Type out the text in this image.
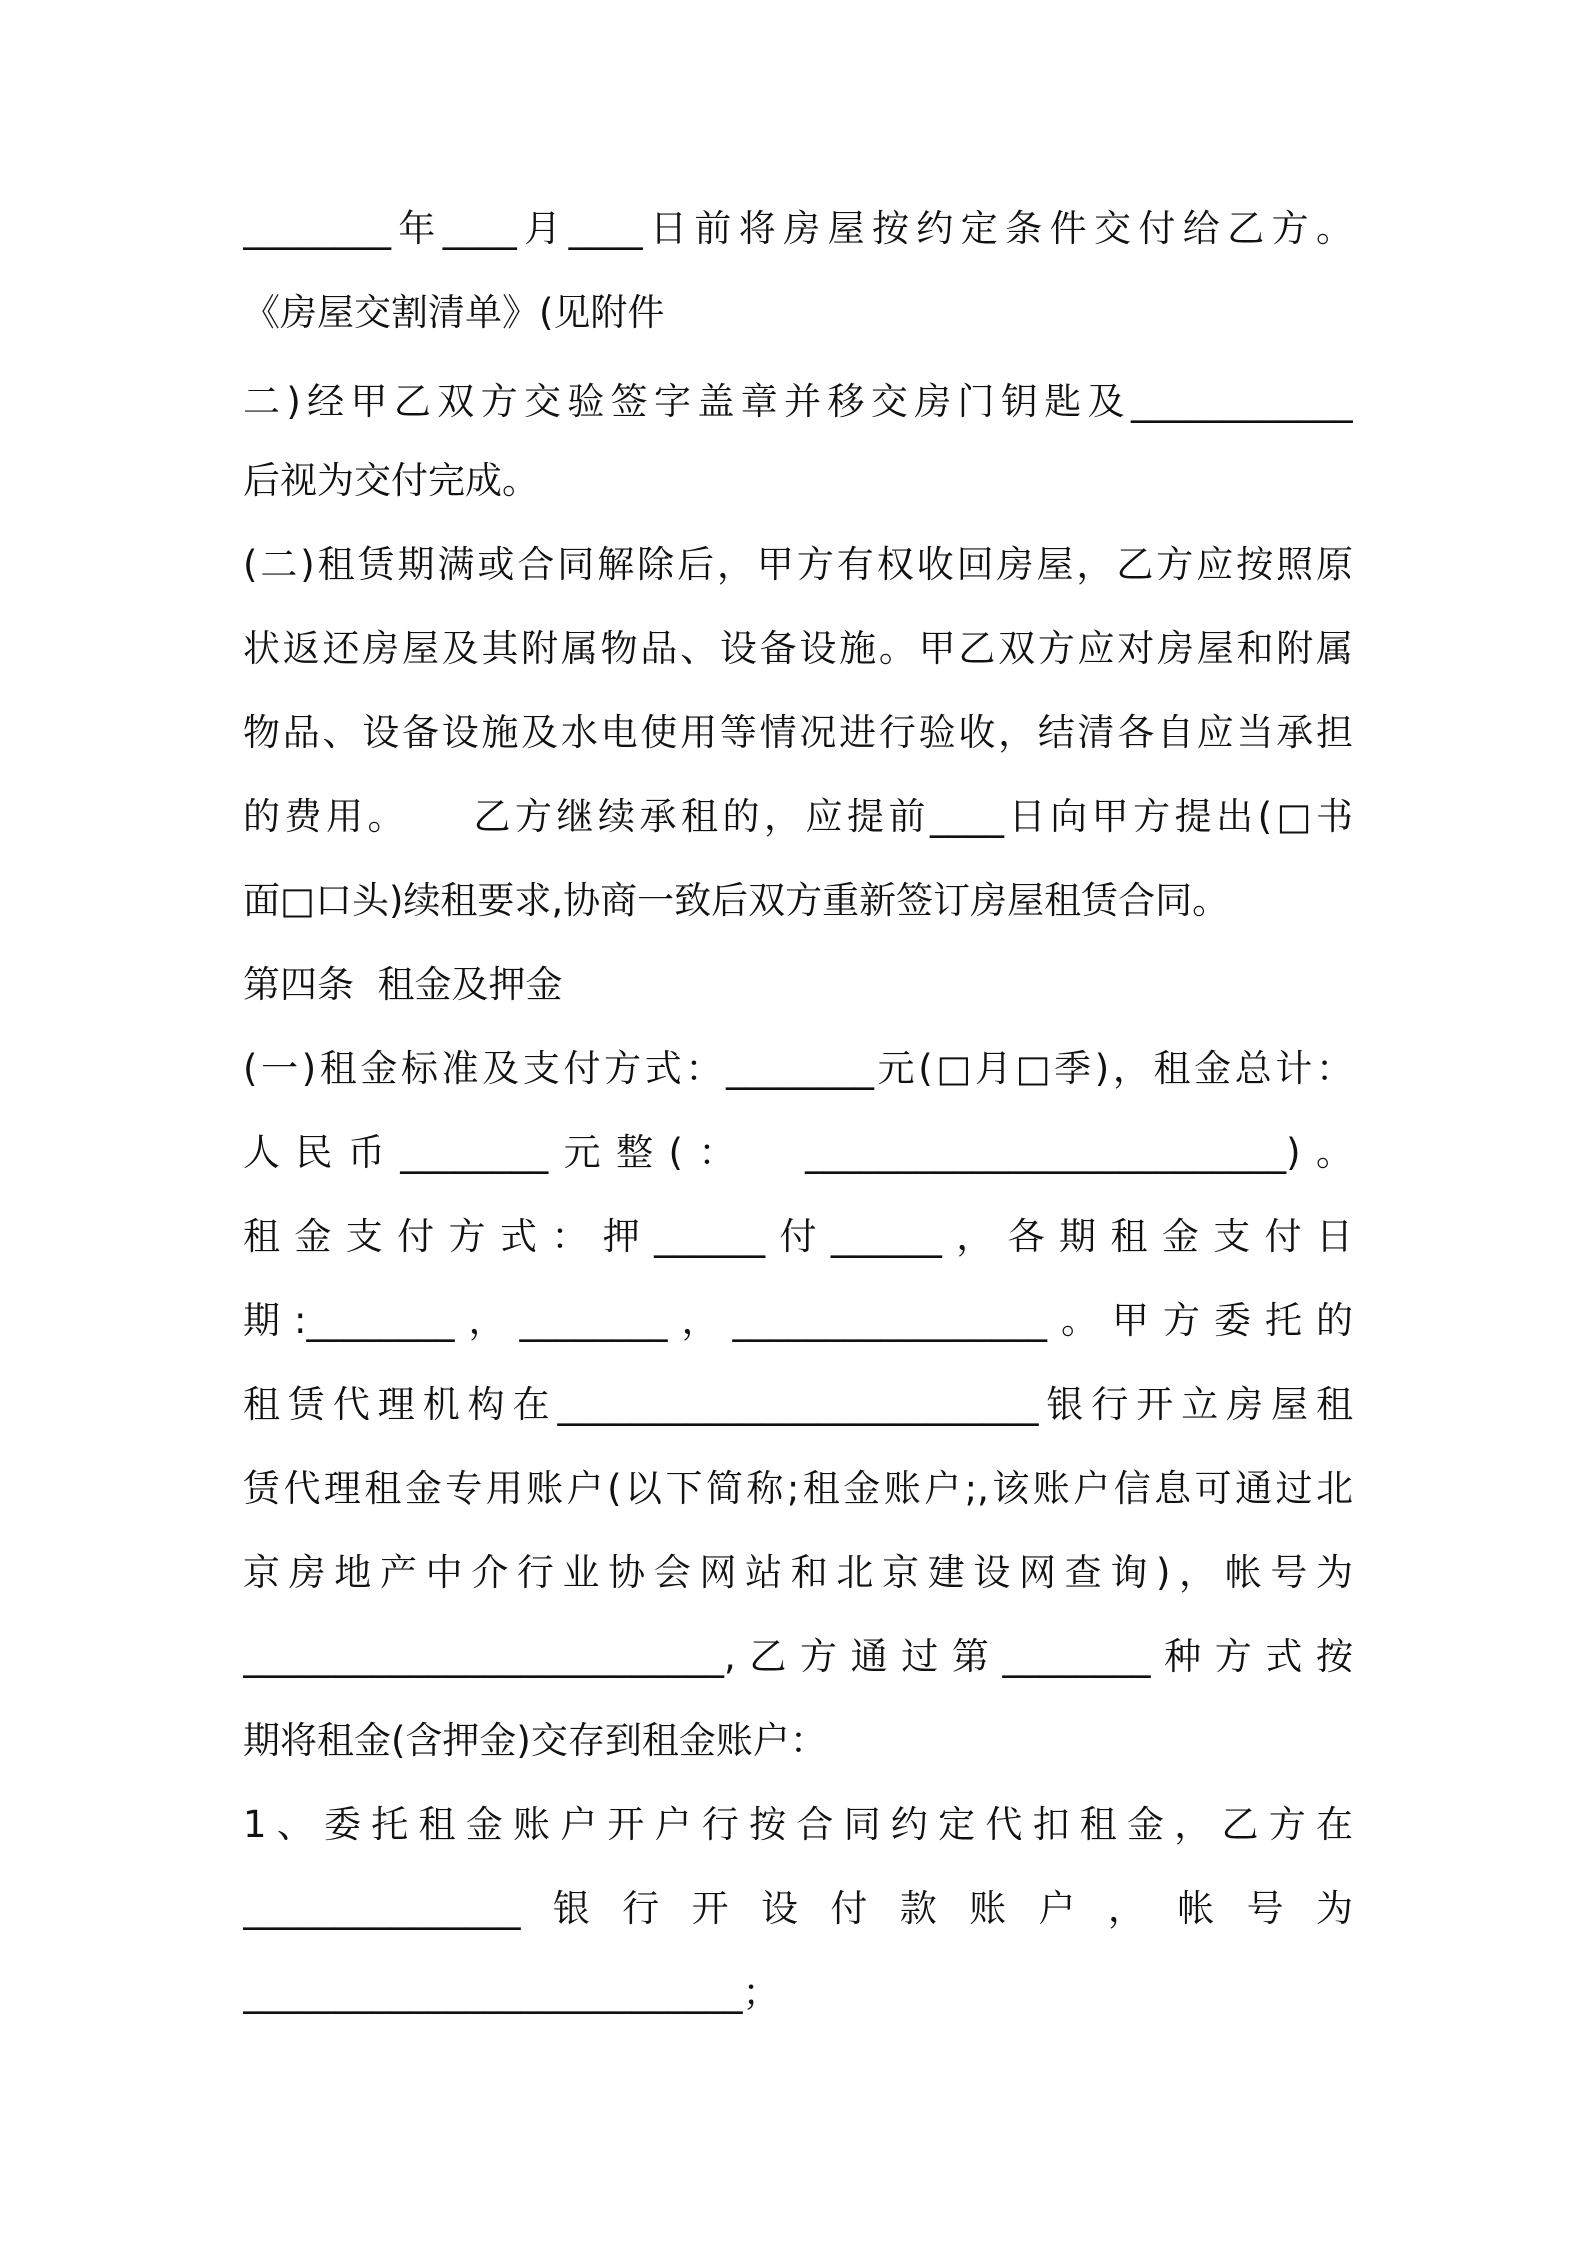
________年____月____日前将房屋按约定条件交付给乙方。
《房屋交割清单》(见附件
二)经甲乙双方交验签字盖章并移交房门钥匙及____________
后视为交付完成。
(二)租赁期满或合同解除后，甲方有权收回房屋，乙方应按照原
状返还房屋及其附属物品、设备设施。甲乙双方应对房屋和附属
物品、设备设施及水电使用等情况进行验收，结清各自应当承担
的费用。　　乙方继续承租的，应提前____日向甲方提出(□书
面□口头)续租要求,协商一致后双方重新签订房屋租赁合同。
第四条  租金及押金
(一)租金标准及支付方式：________元(□月□季)，租金总计：
人民币________元整(：  __________________________)。
租金支付方式：押______付______，各期租金支付日
期:________，________，_________________。甲方委托的
租赁代理机构在__________________________银行开立房屋租
赁代理租金专用账户(以下简称;租金账户;,该账户信息可通过北
京房地产中介行业协会网站和北京建设网查询)，帐号为
__________________________,乙方通过第________种方式按
期将租金(含押金)交存到租金账户：
1、委托租金账户开户行按合同约定代扣租金，乙方在
_______________银行开设付款账户，帐号为
___________________________；
